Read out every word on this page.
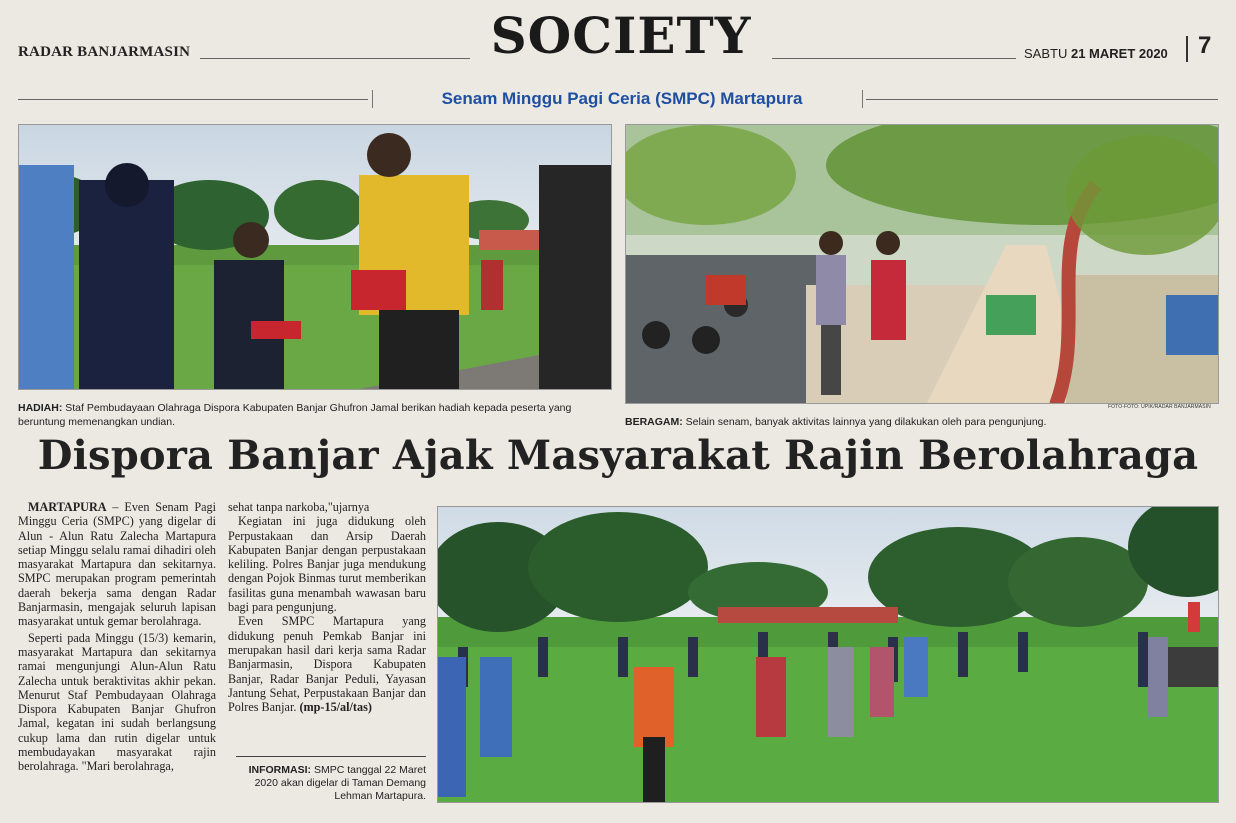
RADAR BANJARMASIN	SOCIETY	SABTU 21 MARET 2020 7
Senam Minggu Pagi Ceria (SMPC) Martapura
HADIAH: Staf Pembudayaan Olahraga Dispora Kabupaten Banjar Ghufron Jamal berikan hadiah kepada peserta yang beruntung memenangkan undian.	BERAGAM: Selain senam, banyak aktivitas lainnya yang dilakukan oleh para pengunjung.
FOTO-FOTO: UPIK/RADAR BANJARMASIN
Dispora Banjar Ajak Masyarakat Rajin Berolahraga

MARTAPURA – Even Senam Pagi Minggu Ceria (SMPC) yang digelar di Alun - Alun Ratu Zalecha Martapura setiap Minggu selalu ramai dihadiri oleh masyarakat Martapura dan sekitarnya. SMPC merupakan program pemerintah daerah bekerja sama dengan Radar Banjarmasin, mengajak seluruh lapisan masyarakat untuk gemar berolahraga.

Seperti pada Minggu (15/3) kemarin, masyarakat Martapura dan sekitarnya ramai mengunjungi Alun-Alun Ratu Zalecha untuk beraktivitas akhir pekan. Menurut Staf Pembudayaan Olahraga Dispora Kabupaten Banjar Ghufron Jamal, kegatan ini sudah berlangsung cukup lama dan rutin digelar untuk membudayakan masyarakat rajin berolahraga. "Mari berolahraga,

sehat tanpa narkoba,"ujarnya

Kegiatan ini juga didukung oleh Perpustakaan dan Arsip Daerah Kabupaten Banjar dengan perpustakaan keliling. Polres Banjar juga mendukung dengan Pojok Binmas turut memberikan fasilitas guna menambah wawasan baru bagi para pengunjung.

Even SMPC Martapura yang didukung penuh Pemkab Banjar ini merupakan hasil dari kerja sama Radar Banjarmasin, Dispora Kabupaten Banjar, Radar Banjar Peduli, Yayasan Jantung Sehat, Perpustakaan Banjar dan Polres Banjar. (mp-15/al/tas)

INFORMASI: SMPC tanggal 22 Maret 2020 akan digelar di Taman Demang Lehman Martapura.
